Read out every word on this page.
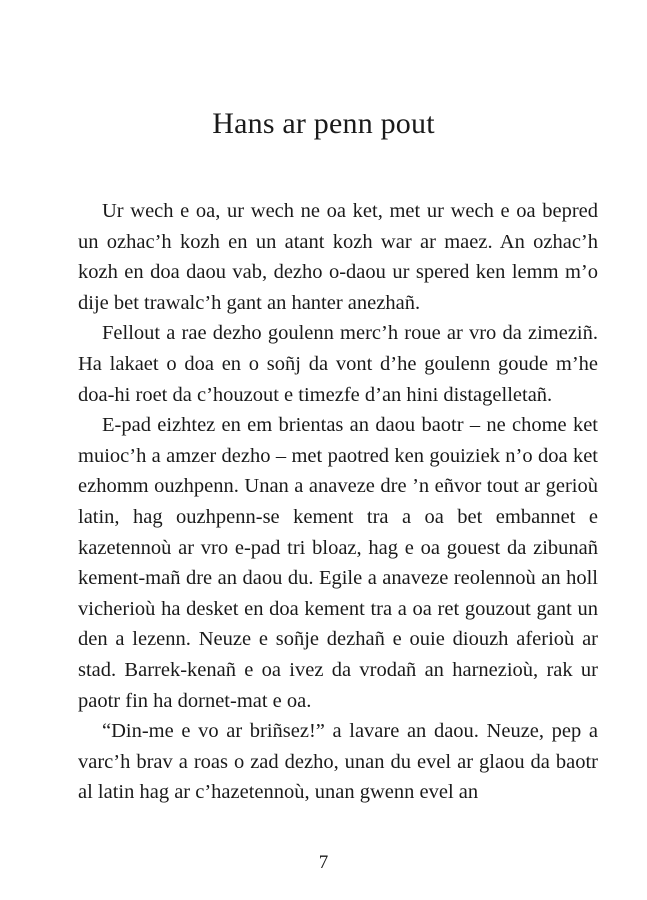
Hans ar penn pout

Ur wech e oa, ur wech ne oa ket, met ur wech e oa bepred un ozhac’h kozh en un atant kozh war ar maez. An ozhac’h kozh en doa daou vab, dezho o-daou ur spered ken lemm m’o dije bet trawalc’h gant an hanter anezhañ.

Fellout a rae dezho goulenn merc’h roue ar vro da zimeziñ. Ha lakaet o doa en o soñj da vont d’he goulenn goude m’he doa-hi roet da c’houzout e timezfe d’an hini distagelletañ.

E-pad eizhtez en em brientas an daou baotr – ne chome ket muioc’h a amzer dezho – met paotred ken gouiziek n’o doa ket ezhomm ouzhpenn. Unan a anaveze dre ’n eñvor tout ar gerioù latin, hag ouzhpenn-se kement tra a oa bet embannet e kazetennoù ar vro e-pad tri bloaz, hag e oa gouest da zibunañ kement-mañ dre an daou du. Egile a anaveze reolennoù an holl vicherioù ha desket en doa kement tra a oa ret gouzout gant un den a lezenn. Neuze e soñje dezhañ e ouie diouzh aferioù ar stad. Barrek-kenañ e oa ivez da vrodañ an harnezioù, rak ur paotr fin ha dornet-mat e oa.

“Din-me e vo ar briñsez!” a lavare an daou. Neuze, pep a varc’h brav a roas o zad dezho, unan du evel ar glaou da baotr al latin hag ar c’hazetennoù, unan gwenn evel an

7
